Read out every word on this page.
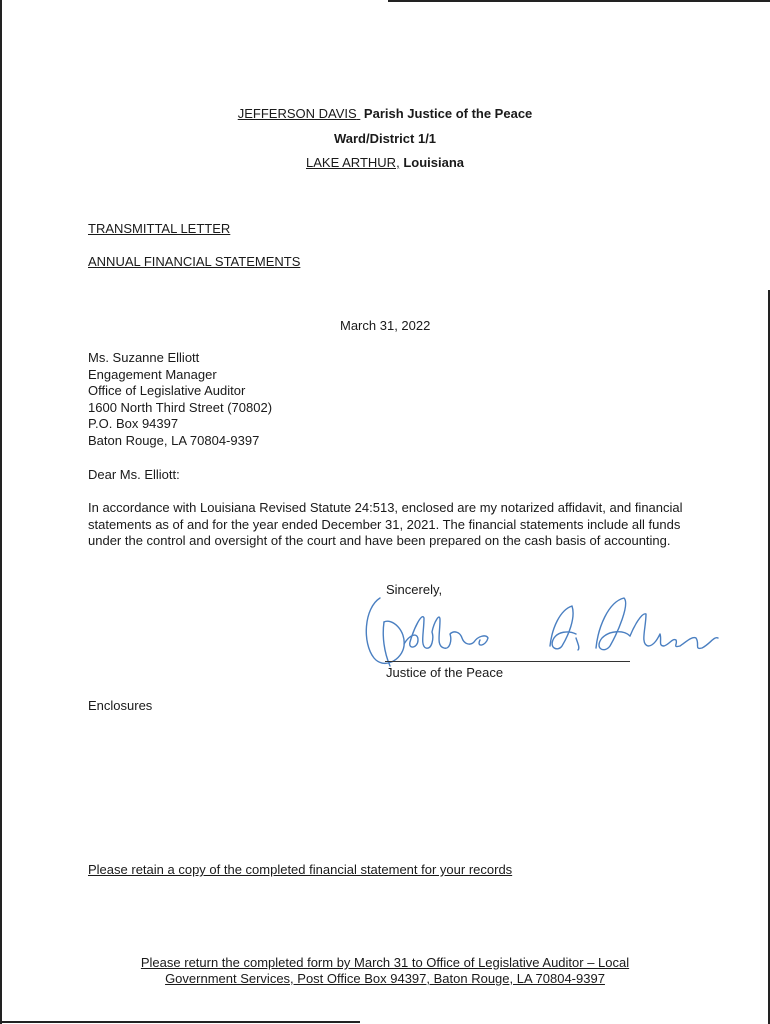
JEFFERSON DAVIS Parish Justice of the Peace
Ward/District 1/1
LAKE ARTHUR, Louisiana
TRANSMITTAL LETTER
ANNUAL FINANCIAL STATEMENTS
March 31, 2022
Ms. Suzanne Elliott
Engagement Manager
Office of Legislative Auditor
1600 North Third Street (70802)
P.O. Box 94397
Baton Rouge, LA 70804-9397
Dear Ms. Elliott:
In accordance with Louisiana Revised Statute 24:513, enclosed are my notarized affidavit, and financial statements as of and for the year ended December 31, 2021. The financial statements include all funds under the control and oversight of the court and have been prepared on the cash basis of accounting.
Sincerely,
Justice of the Peace
Enclosures
Please retain a copy of the completed financial statement for your records
Please return the completed form by March 31 to Office of Legislative Auditor – Local
Government Services, Post Office Box 94397, Baton Rouge, LA 70804-9397
